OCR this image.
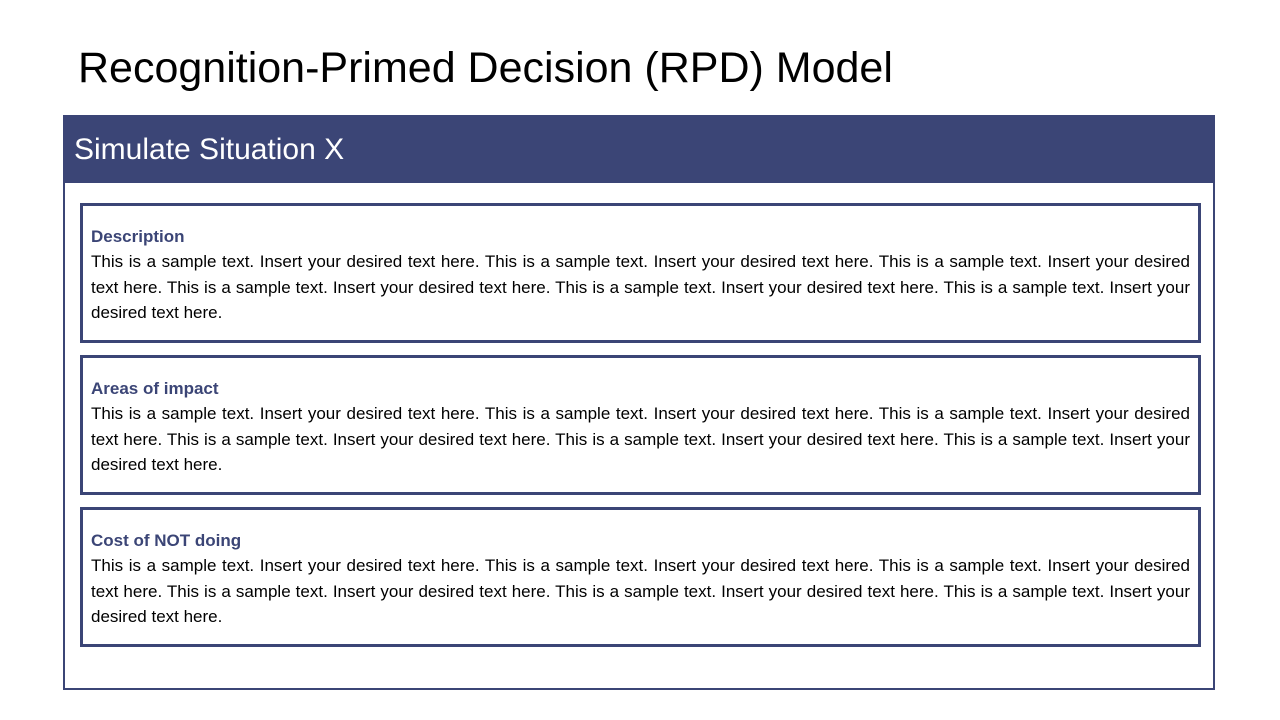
Recognition-Primed Decision (RPD) Model
Simulate Situation X

Description

This is a sample text. Insert your desired text here. This is a sample text. Insert your desired text here. This is a sample text. Insert your desired text here. This is a sample text. Insert your desired text here. This is a sample text. Insert your desired text here. This is a sample text. Insert your desired text here.

Areas of impact

This is a sample text. Insert your desired text here. This is a sample text. Insert your desired text here. This is a sample text. Insert your desired text here. This is a sample text. Insert your desired text here. This is a sample text. Insert your desired text here. This is a sample text. Insert your desired text here.

Cost of NOT doing

This is a sample text. Insert your desired text here. This is a sample text. Insert your desired text here. This is a sample text. Insert your desired text here. This is a sample text. Insert your desired text here. This is a sample text. Insert your desired text here. This is a sample text. Insert your desired text here.
